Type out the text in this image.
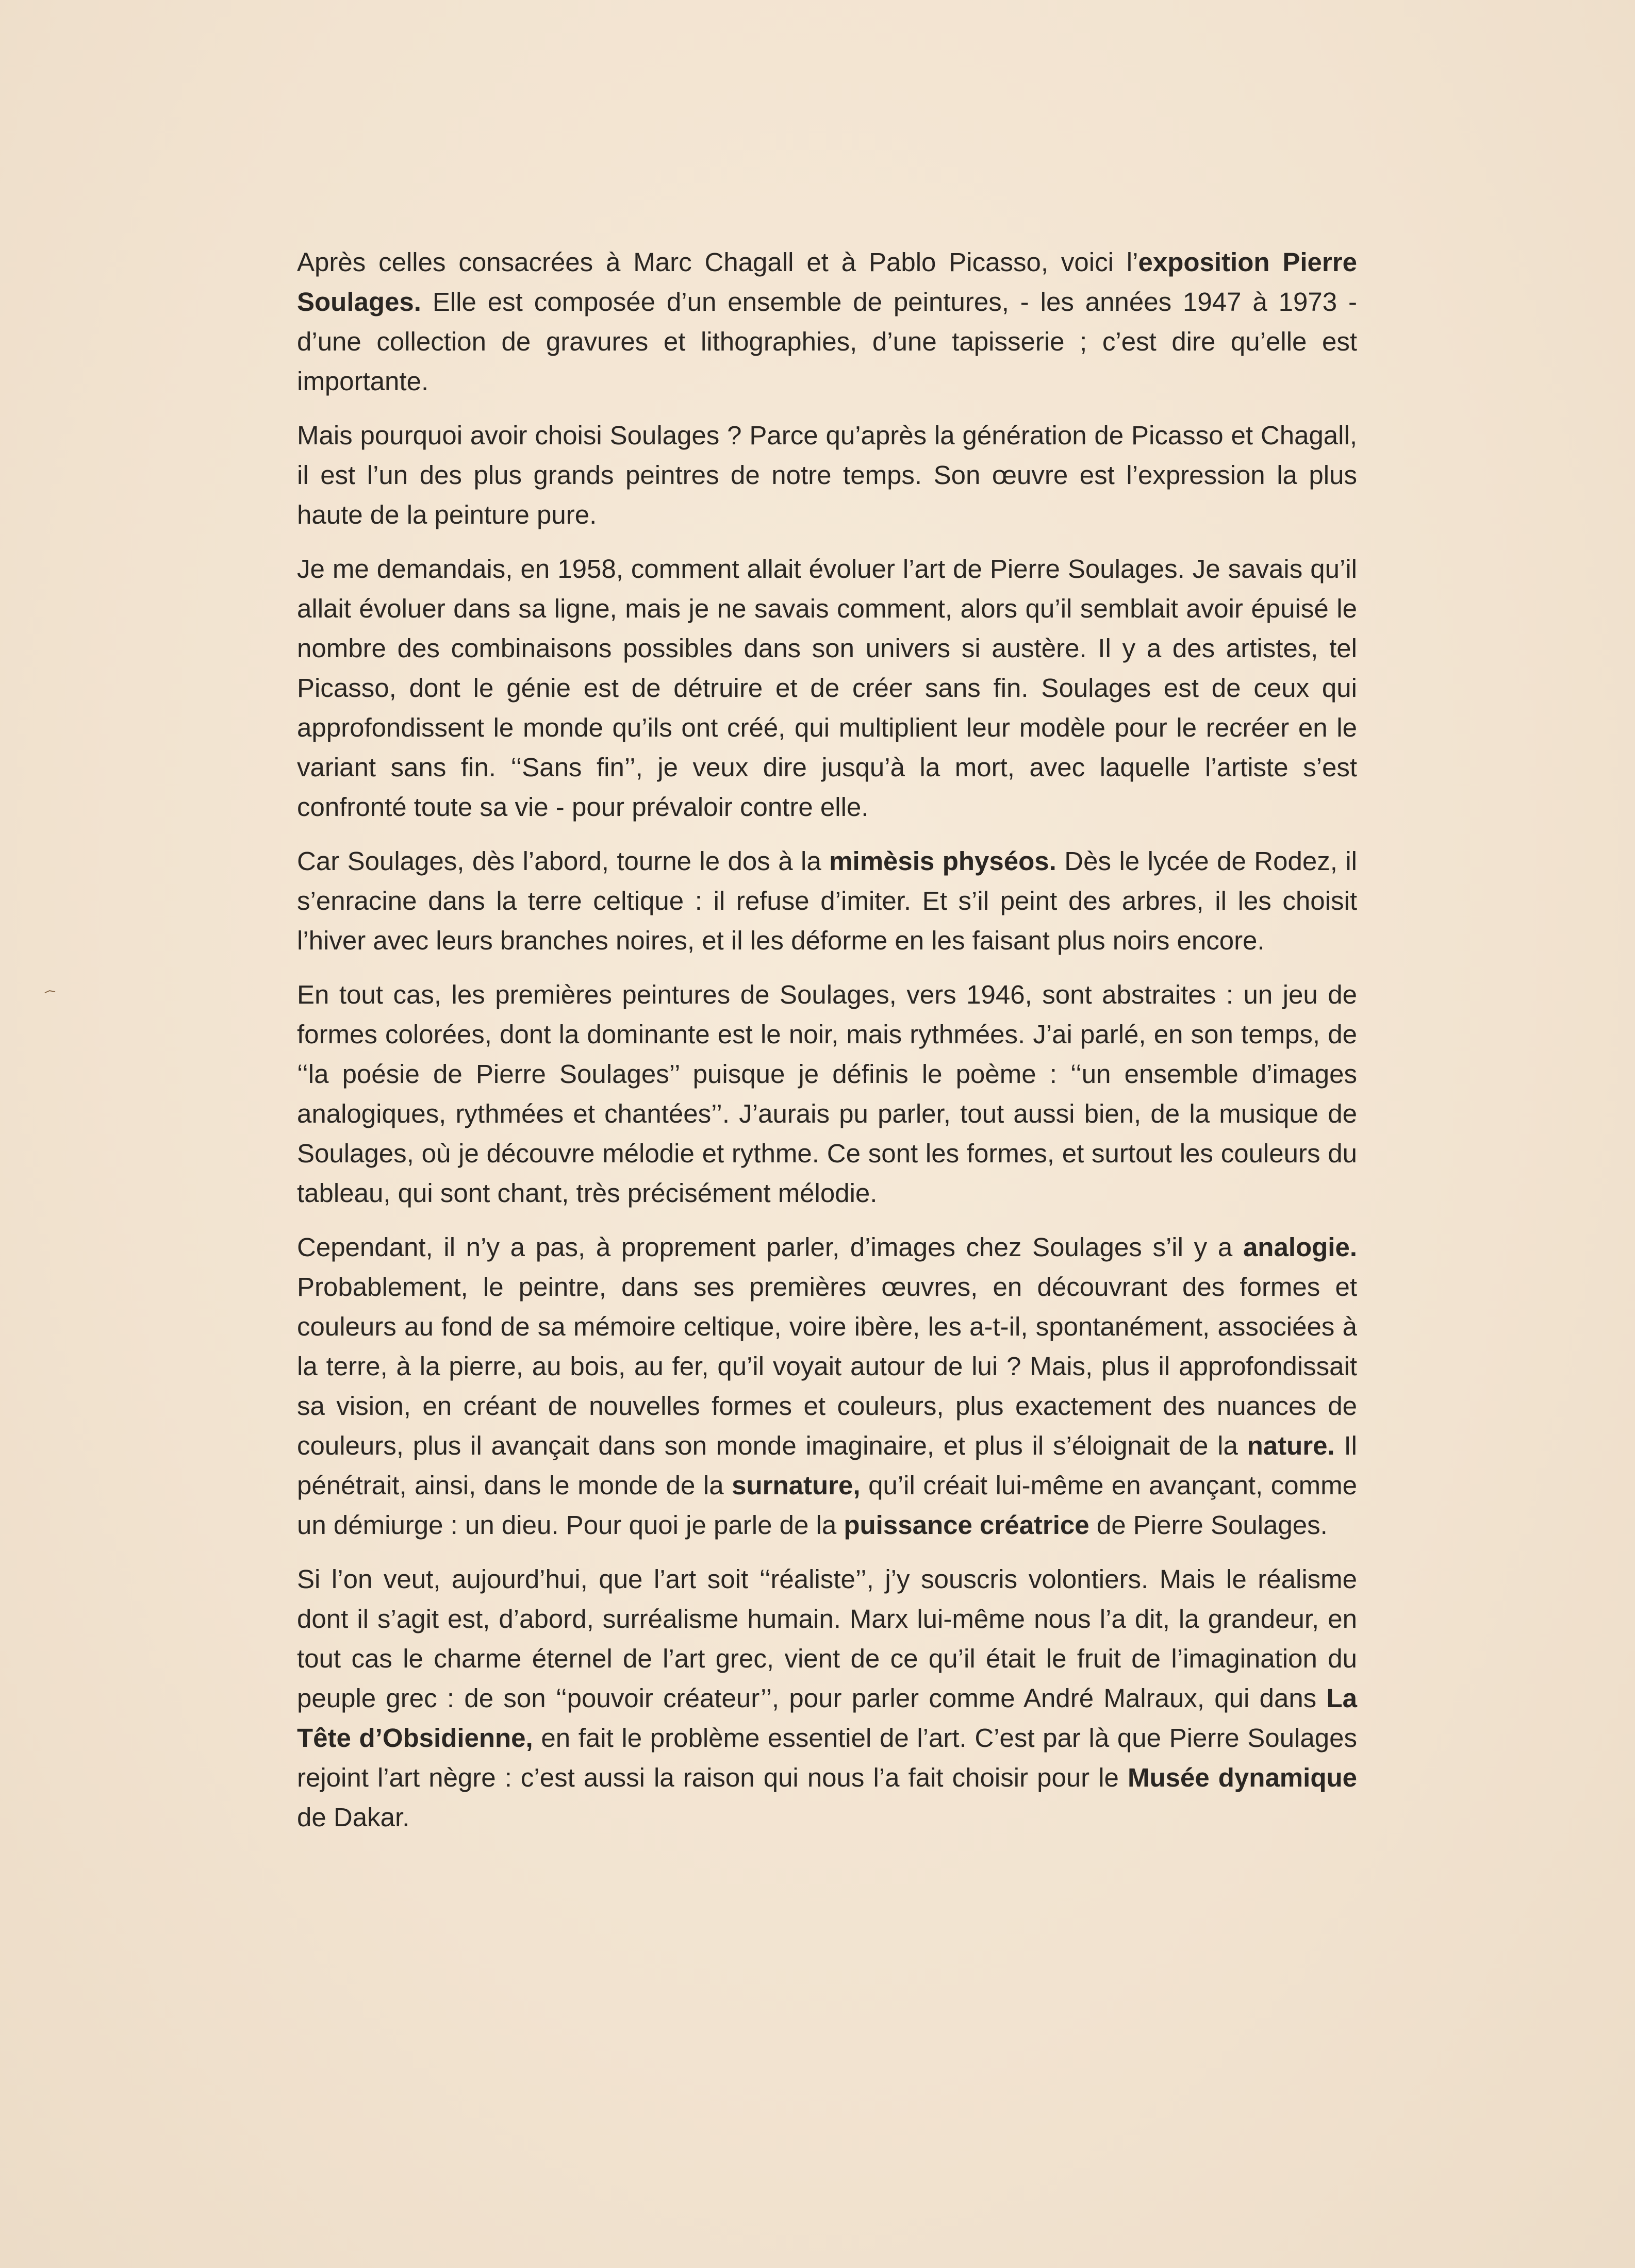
Après celles consacrées à Marc Chagall et à Pablo Picasso, voici l’exposition Pierre Soulages. Elle est composée d’un ensemble de peintures, - les années 1947 à 1973 - d’une collection de gravures et lithographies, d’une tapisserie ; c’est dire qu’elle est importante.

Mais pourquoi avoir choisi Soulages ? Parce qu’après la génération de Picasso et Chagall, il est l’un des plus grands peintres de notre temps. Son œuvre est l’expression la plus haute de la peinture pure.

Je me demandais, en 1958, comment allait évoluer l’art de Pierre Soulages. Je savais qu’il allait évoluer dans sa ligne, mais je ne savais comment, alors qu’il semblait avoir épuisé le nombre des combinaisons possibles dans son univers si austère. Il y a des artistes, tel Picasso, dont le génie est de détruire et de créer sans fin. Soulages est de ceux qui approfondissent le monde qu’ils ont créé, qui multiplient leur modèle pour le recréer en le variant sans fin. ‘‘Sans fin’’, je veux dire jusqu’à la mort, avec laquelle l’artiste s’est confronté toute sa vie - pour prévaloir contre elle.

Car Soulages, dès l’abord, tourne le dos à la mimèsis physéos. Dès le lycée de Rodez, il s’enracine dans la terre celtique : il refuse d’imiter. Et s’il peint des arbres, il les choisit l’hiver avec leurs branches noires, et il les déforme en les faisant plus noirs encore.

En tout cas, les premières peintures de Soulages, vers 1946, sont abstraites : un jeu de formes colorées, dont la dominante est le noir, mais rythmées. J’ai parlé, en son temps, de ‘‘la poésie de Pierre Soulages’’ puisque je définis le poème : ‘‘un ensemble d’images analogiques, rythmées et chantées’’. J’aurais pu parler, tout aussi bien, de la musique de Soulages, où je découvre mélodie et rythme. Ce sont les formes, et surtout les couleurs du tableau, qui sont chant, très précisément mélodie.

Cependant, il n’y a pas, à proprement parler, d’images chez Soulages s’il y a analogie. Probablement, le peintre, dans ses premières œuvres, en découvrant des formes et couleurs au fond de sa mémoire celtique, voire ibère, les a-t-il, spontanément, associées à la terre, à la pierre, au bois, au fer, qu’il voyait autour de lui ? Mais, plus il approfondissait sa vision, en créant de nouvelles formes et couleurs, plus exactement des nuances de couleurs, plus il avançait dans son monde imaginaire, et plus il s’éloignait de la nature. Il pénétrait, ainsi, dans le monde de la surnature, qu’il créait lui-même en avançant, comme un démiurge : un dieu. Pour quoi je parle de la puissance créatrice de Pierre Soulages.

Si l’on veut, aujourd’hui, que l’art soit ‘‘réaliste’’, j’y souscris volontiers. Mais le réalisme dont il s’agit est, d’abord, surréalisme humain. Marx lui-même nous l’a dit, la grandeur, en tout cas le charme éternel de l’art grec, vient de ce qu’il était le fruit de l’imagination du peuple grec : de son ‘‘pouvoir créateur’’, pour parler comme André Malraux, qui dans La Tête d’Obsidienne, en fait le problème essentiel de l’art. C’est par là que Pierre Soulages rejoint l’art nègre : c’est aussi la raison qui nous l’a fait choisir pour le Musée dynamique de Dakar.
